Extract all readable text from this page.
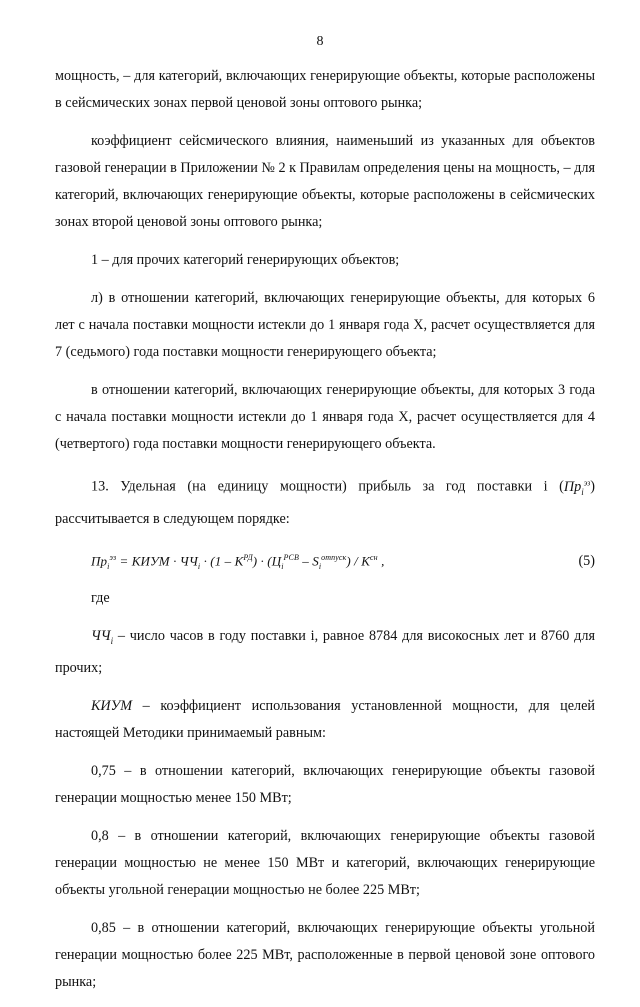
8

мощность, – для категорий, включающих генерирующие объекты, которые расположены в сейсмических зонах первой ценовой зоны оптового рынка;

коэффициент сейсмического влияния, наименьший из указанных для объектов газовой генерации в Приложении № 2 к Правилам определения цены на мощность, – для категорий, включающих генерирующие объекты, которые расположены в сейсмических зонах второй ценовой зоны оптового рынка;

1 – для прочих категорий генерирующих объектов;

л) в отношении категорий, включающих генерирующие объекты, для которых 6 лет с начала поставки мощности истекли до 1 января года X, расчет осуществляется для 7 (седьмого) года поставки мощности генерирующего объекта;

в отношении категорий, включающих генерирующие объекты, для которых 3 года с начала поставки мощности истекли до 1 января года X, расчет осуществляется для 4 (четвертого) года поставки мощности генерирующего объекта.

13. Удельная (на единицу мощности) прибыль за год поставки i $(Пр_i^{эз})$ рассчитывается в следующем порядке:

$Пр_i^{эз}$ = КИУМ · $ЧЧ_i \cdot (1 - K^{РД}) \cdot (Ц_i^{РСВ} - S_i^{отпуск}) / K^{сн}$ ,	(5)

где

$ЧЧ_i$ – число часов в году поставки i, равное 8784 для високосных лет и 8760 для прочих;

КИУМ – коэффициент использования установленной мощности, для целей настоящей Методики принимаемый равным:

0,75 – в отношении категорий, включающих генерирующие объекты газовой генерации мощностью менее 150 МВт;

0,8 – в отношении категорий, включающих генерирующие объекты газовой генерации мощностью не менее 150 МВт и категорий, включающих генерирующие объекты угольной генерации мощностью не более 225 МВт;

0,85 – в отношении категорий, включающих генерирующие объекты угольной генерации мощностью более 225 МВт, расположенные в первой ценовой зоне оптового рынка;
